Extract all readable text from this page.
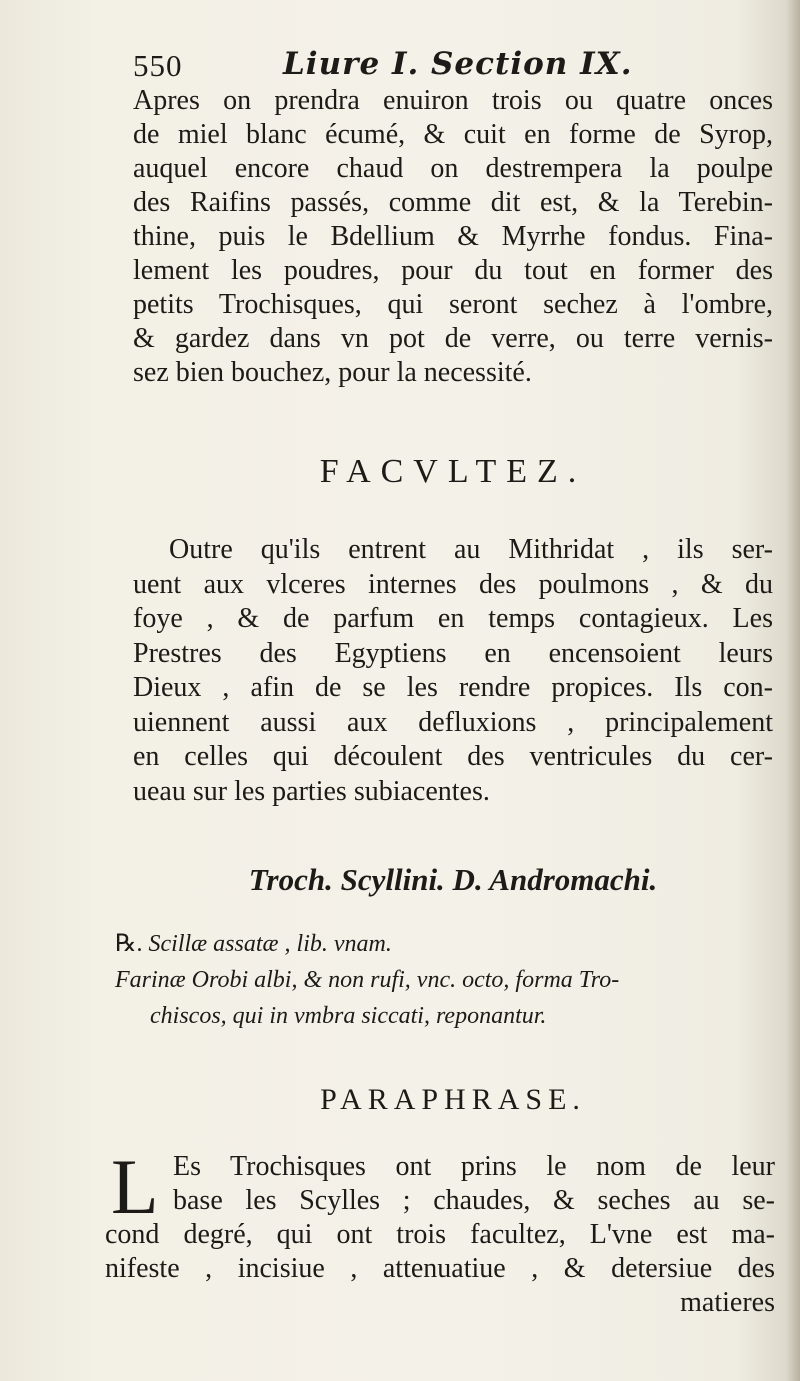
550	Liure I. Section IX.
Apres on prendra enuiron trois ou quatre onces
de miel blanc écumé, & cuit en forme de Syrop,
auquel encore chaud on destrempera la poulpe
des Raifins passés, comme dit est, & la Terebin-
thine, puis le Bdellium & Myrrhe fondus. Fina-
lement les poudres, pour du tout en former des
petits Trochisques, qui seront sechez à l'ombre,
& gardez dans vn pot de verre, ou terre vernis-
sez bien bouchez, pour la necessité.
FACVLTEZ.
Outre qu'ils entrent au Mithridat , ils ser-
uent aux vlceres internes des poulmons , & du
foye , & de parfum en temps contagieux. Les
Prestres des Egyptiens en encensoient leurs
Dieux , afin de se les rendre propices. Ils con-
uiennent aussi aux defluxions , principalement
en celles qui découlent des ventricules du cer-
ueau sur les parties subiacentes.
Troch. Scyllini. D. Andromachi.
℞. Scillæ assatæ , lib. vnam.
Farinæ Orobi albi, & non rufi, vnc. octo, forma Tro-
chiscos, qui in vmbra siccati, reponantur.
PARAPHRASE.
L Es Trochisques ont prins le nom de leur
base les Scylles ; chaudes, & seches au se-
cond degré, qui ont trois facultez, L'vne est ma-
nifeste , incisiue , attenuatiue , & detersiue des
matieres
